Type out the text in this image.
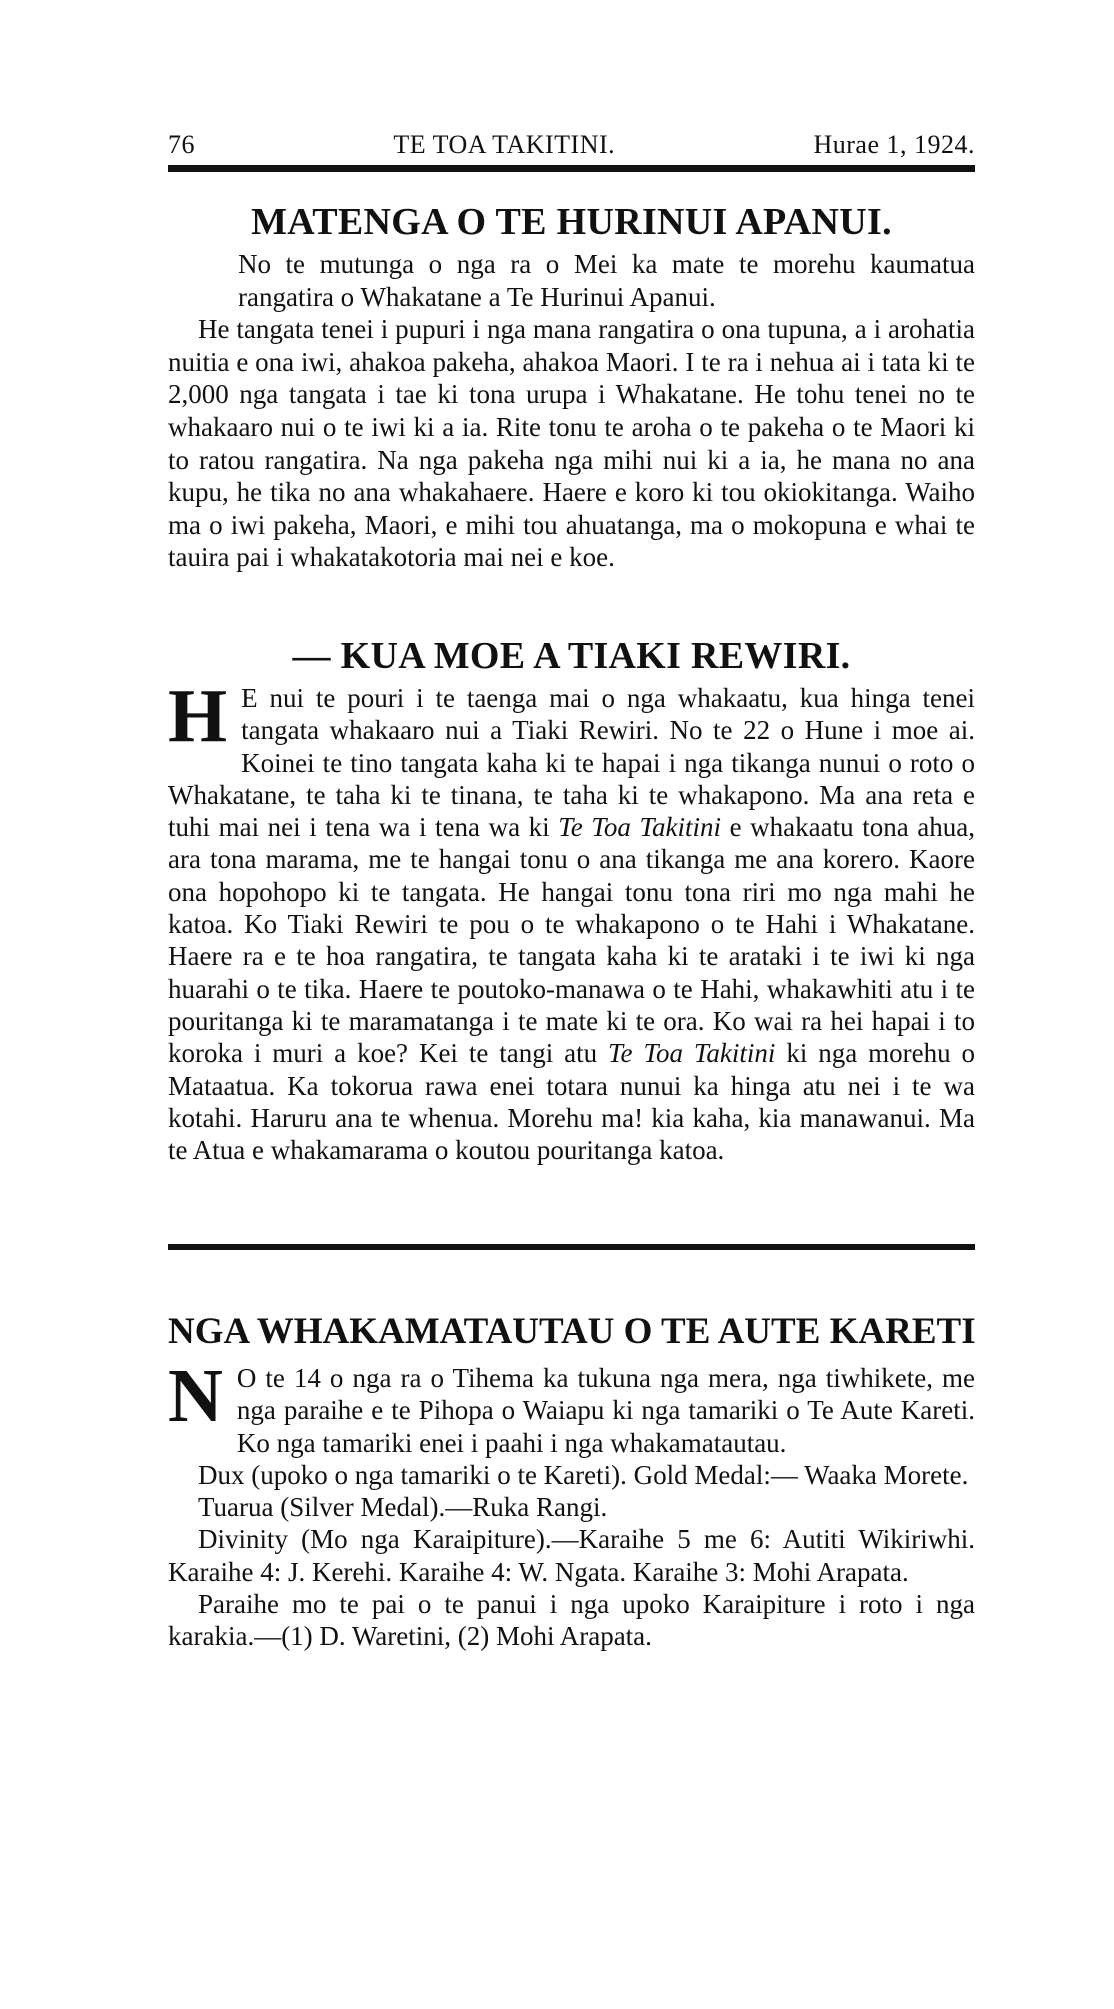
76	TE TOA TAKITINI.	Hurae 1, 1924.
MATENGA O TE HURINUI APANUI.

No te mutunga o nga ra o Mei ka mate te morehu kaumatua rangatira o Whakatane a Te Hurinui Apanui.

He tangata tenei i pupuri i nga mana rangatira o ona tupuna, a i arohatia nuitia e ona iwi, ahakoa pakeha, ahakoa Maori. I te ra i nehua ai i tata ki te 2,000 nga tangata i tae ki tona urupa i Whakatane. He tohu tenei no te whakaaro nui o te iwi ki a ia. Rite tonu te aroha o te pakeha o te Maori ki to ratou rangatira. Na nga pakeha nga mihi nui ki a ia, he mana no ana kupu, he tika no ana whakahaere. Haere e koro ki tou okiokitanga. Waiho ma o iwi pakeha, Maori, e mihi tou ahuatanga, ma o mokopuna e whai te tauira pai i whakatakotoria mai nei e koe.

— KUA MOE A TIAKI REWIRI.

H E nui te pouri i te taenga mai o nga whakaatu, kua hinga tenei tangata whakaaro nui a Tiaki Rewiri. No te 22 o Hune i moe ai. Koinei te tino tangata kaha ki te hapai i nga tikanga nunui o roto o Whakatane, te taha ki te tinana, te taha ki te whakapono. Ma ana reta e tuhi mai nei i tena wa i tena wa ki Te Toa Takitini e whakaatu tona ahua, ara tona marama, me te hangai tonu o ana tikanga me ana korero. Kaore ona hopohopo ki te tangata. He hangai tonu tona riri mo nga mahi he katoa. Ko Tiaki Rewiri te pou o te whakapono o te Hahi i Whakatane. Haere ra e te hoa rangatira, te tangata kaha ki te arataki i te iwi ki nga huarahi o te tika. Haere te poutoko-manawa o te Hahi, whakawhiti atu i te pouritanga ki te maramatanga i te mate ki te ora. Ko wai ra hei hapai i to koroka i muri a koe? Kei te tangi atu Te Toa Takitini ki nga morehu o Mataatua. Ka tokorua rawa enei totara nunui ka hinga atu nei i te wa kotahi. Haruru ana te whenua. Morehu ma! kia kaha, kia manawanui. Ma te Atua e whakamarama o koutou pouritanga katoa.

NGA WHAKAMATAUTAU O TE AUTE KARETI

N O te 14 o nga ra o Tihema ka tukuna nga mera, nga tiwhikete, me nga paraihe e te Pihopa o Waiapu ki nga tamariki o Te Aute Kareti. Ko nga tamariki enei i paahi i nga whakamatautau.

Dux (upoko o nga tamariki o te Kareti). Gold Medal:— Waaka Morete.

Tuarua (Silver Medal).—Ruka Rangi.

Divinity (Mo nga Karaipiture).—Karaihe 5 me 6: Autiti Wikiriwhi. Karaihe 4: J. Kerehi. Karaihe 4: W. Ngata. Karaihe 3: Mohi Arapata.

Paraihe mo te pai o te panui i nga upoko Karaipiture i roto i nga karakia.—(1) D. Waretini, (2) Mohi Arapata.
